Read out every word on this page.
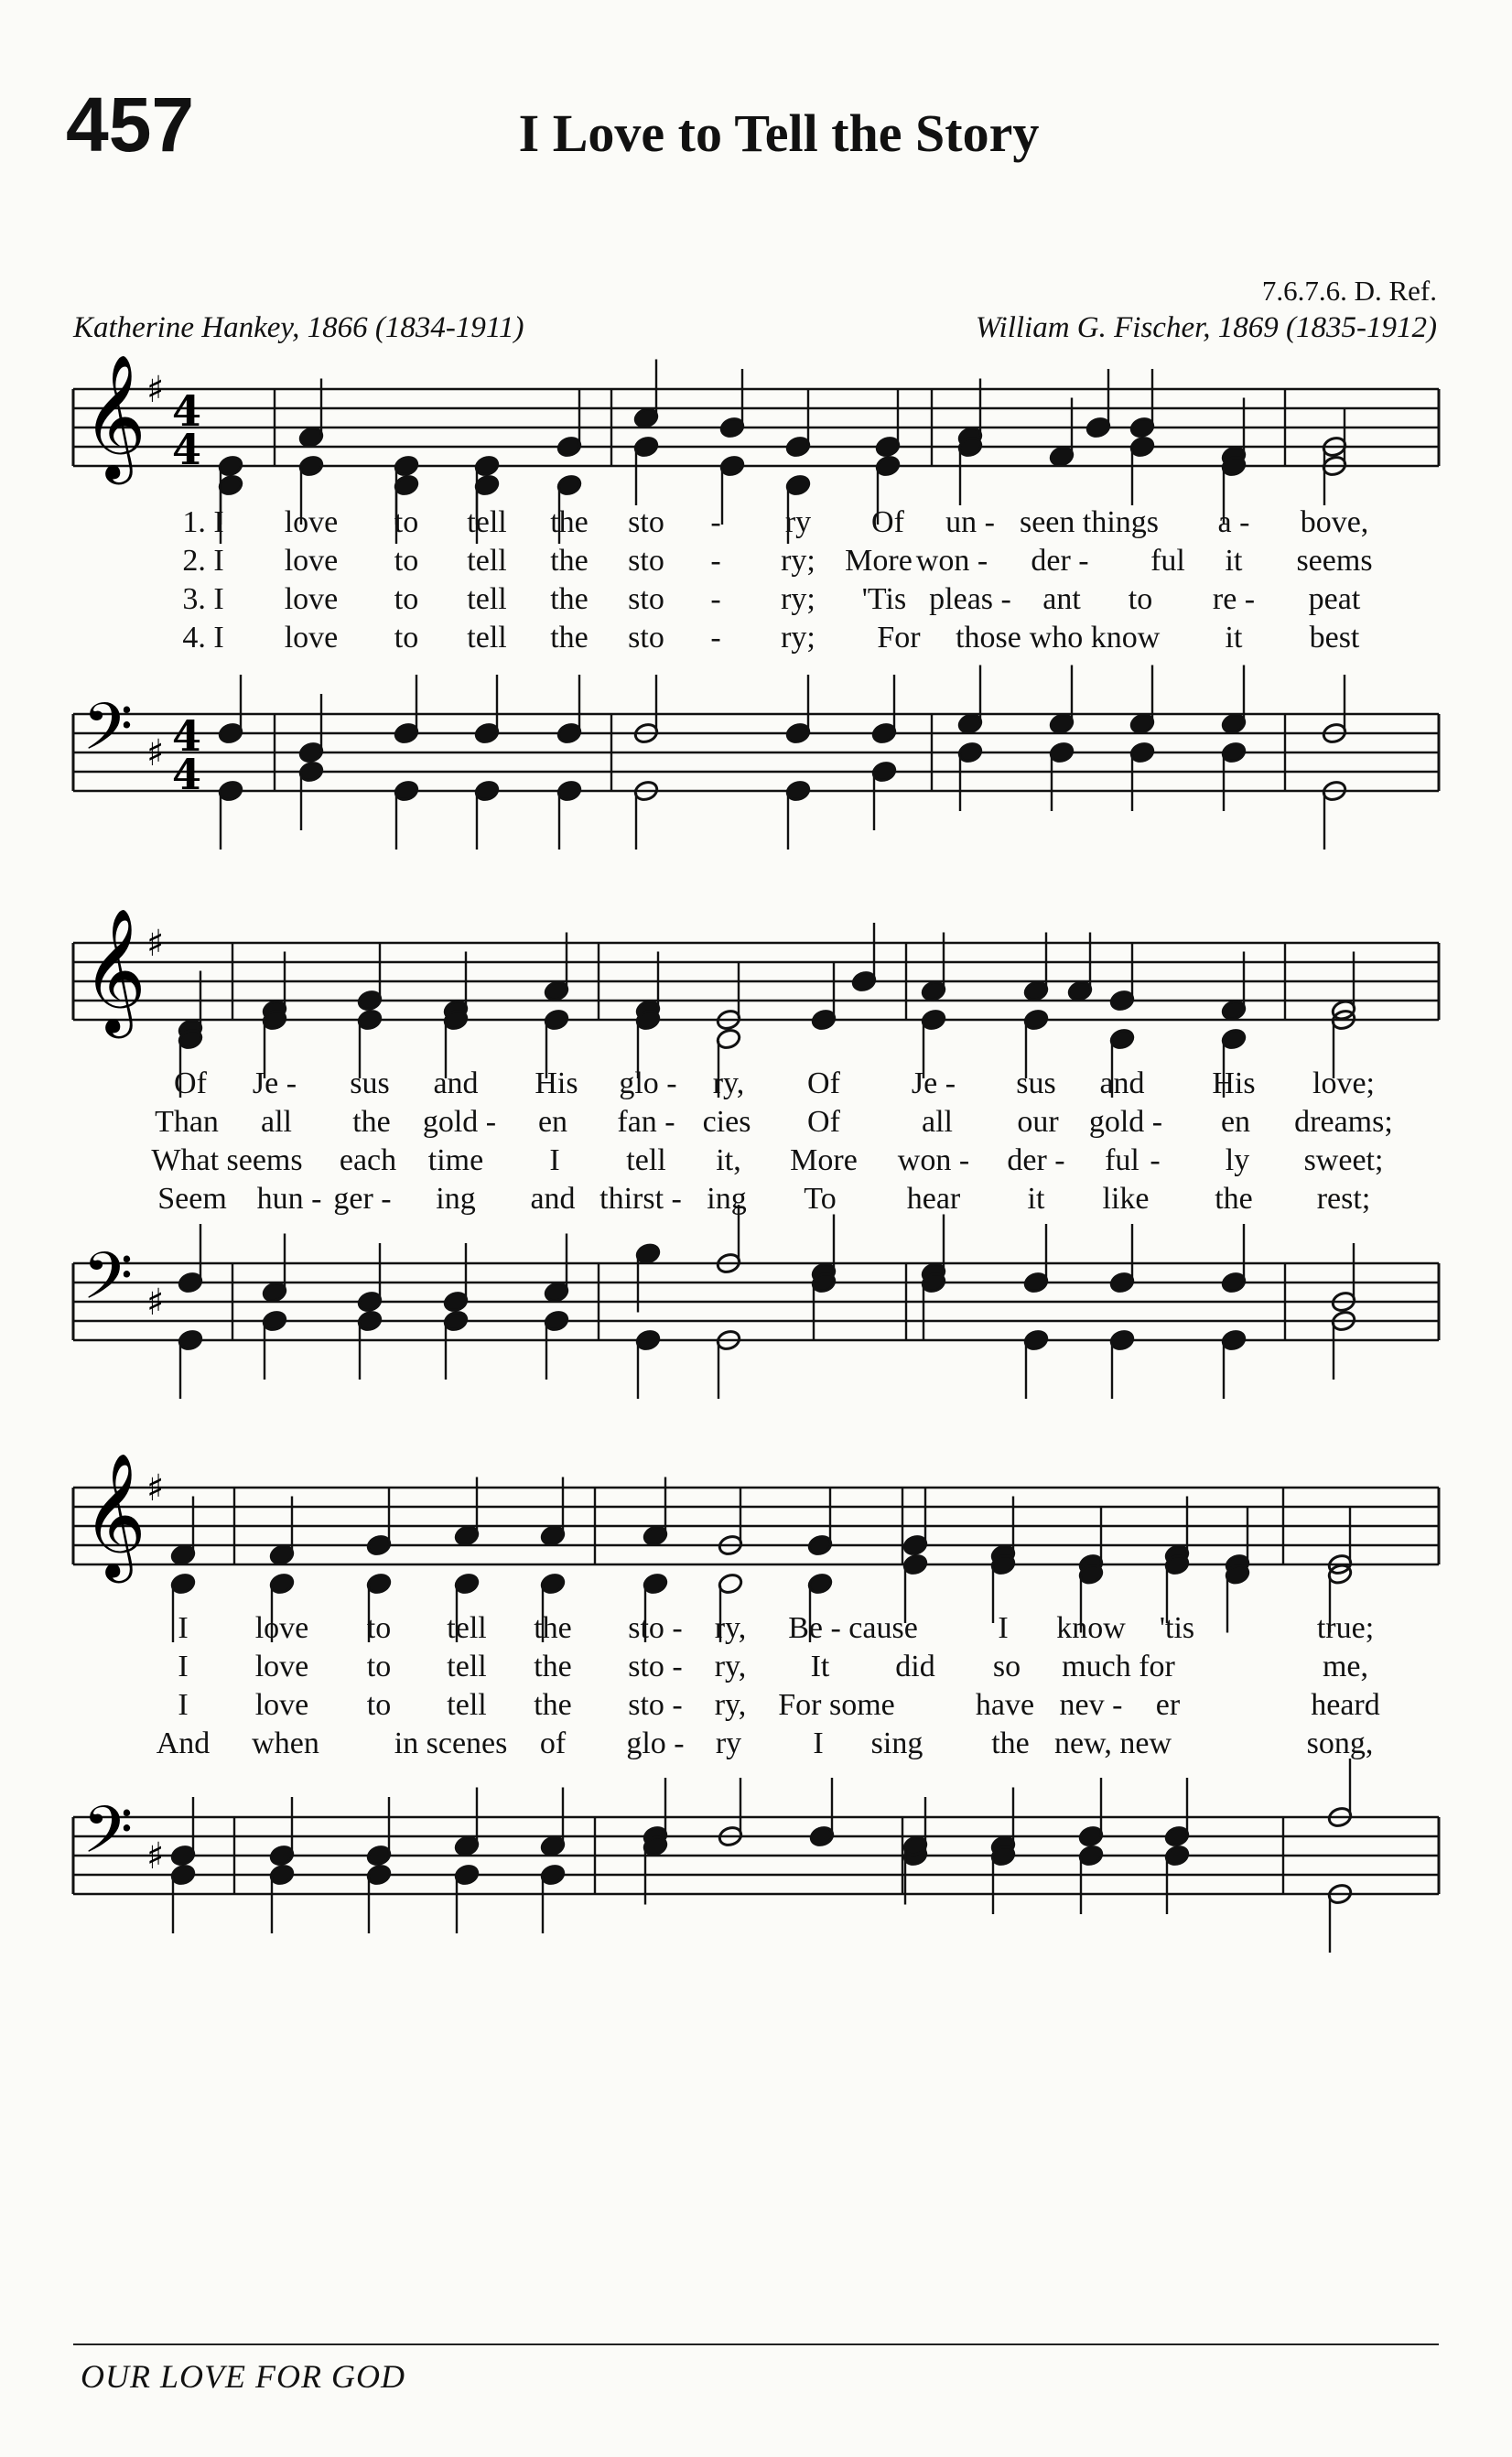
457	I Love to Tell the Story
7.6.7.6. D. Ref.
Katherine Hankey, 1866 (1834-1911)	William G. Fischer, 1869 (1835-1912)
𝄞 ♯ 4
4
1. I love to tell the sto - ry Of un - seen things a - bove,
2. I love to tell the sto - ry; More won - der - ful it seems
3. I love to tell the sto - ry; 'Tis pleas - ant to re - peat
4. I love to tell the sto - ry; For those who know it best
𝄢 ♯ 4
4
𝄞 ♯
Of Je - sus and His glo - ry, Of Je - sus and His love;
Than all the gold - en fan - cies Of	all our gold - en dreams;
What seems each time I tell it, More won - der - ful - ly sweet;
Seem hun - ger - ing and thirst - ing To hear it like the rest;
𝄢 ♯
𝄞 ♯
I love to tell the sto - ry, Be - cause	I know 'tis	true;
I love to tell the sto - ry, It did so much for	me,
I love to tell the sto - ry, For some	have nev - er	heard
And when in scenes of glo - ry I sing the new, new	song,
𝄢 ♯
OUR LOVE FOR GOD
